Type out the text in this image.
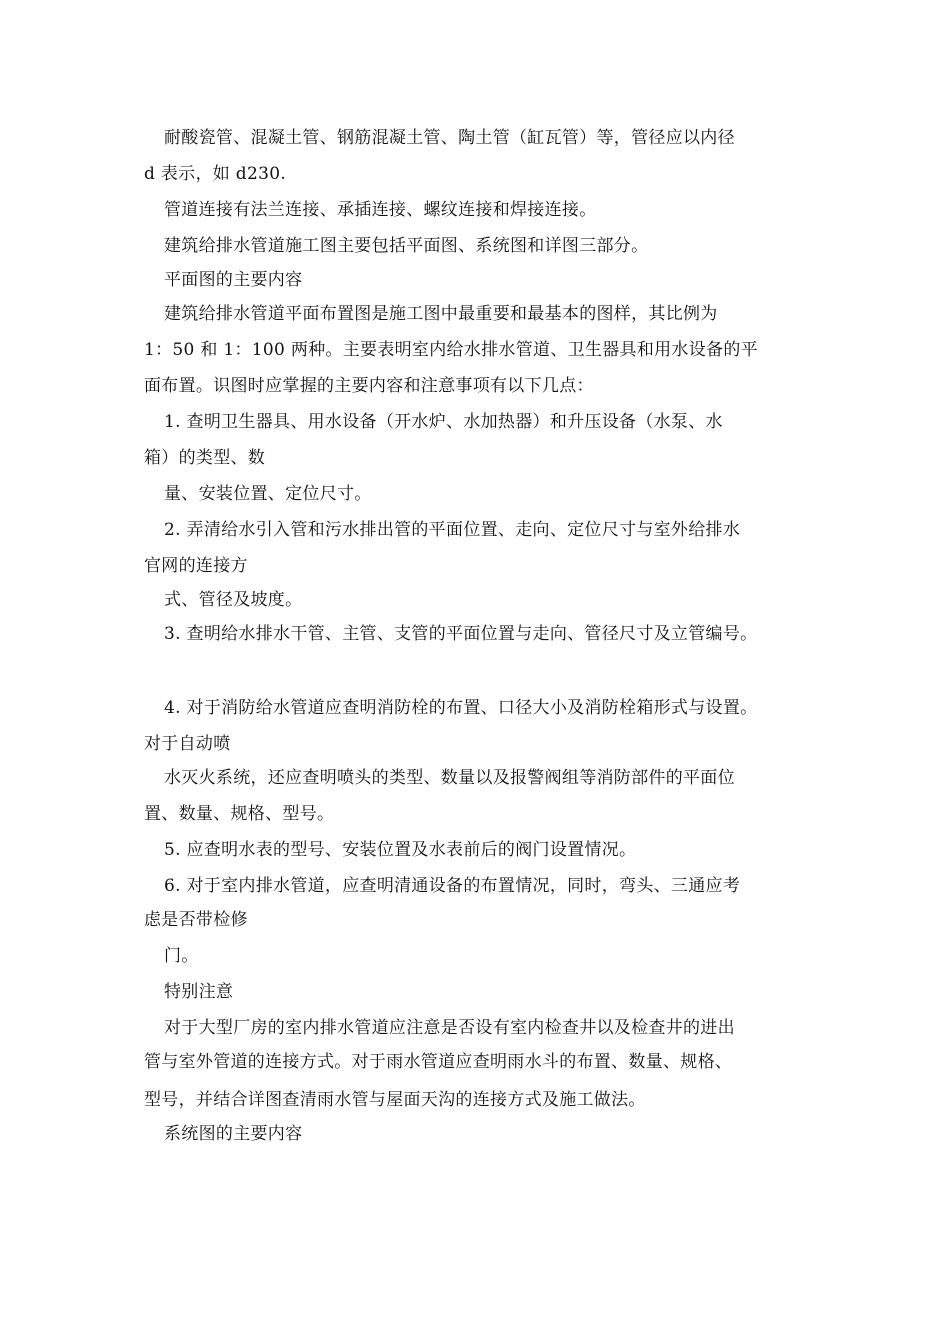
耐酸瓷管、混凝土管、钢筋混凝土管、陶土管（缸瓦管）等，管径应以内径
d 表示，如 d230.
管道连接有法兰连接、承插连接、螺纹连接和焊接连接。
建筑给排水管道施工图主要包括平面图、系统图和详图三部分。
平面图的主要内容
建筑给排水管道平面布置图是施工图中最重要和最基本的图样，其比例为
1：50 和 1：100 两种。主要表明室内给水排水管道、卫生器具和用水设备的平
面布置。识图时应掌握的主要内容和注意事项有以下几点：
1. 查明卫生器具、用水设备（开水炉、水加热器）和升压设备（水泵、水
箱）的类型、数
量、安装位置、定位尺寸。
2. 弄清给水引入管和污水排出管的平面位置、走向、定位尺寸与室外给排水
官网的连接方
式、管径及坡度。
3. 查明给水排水干管、主管、支管的平面位置与走向、管径尺寸及立管编号。
4. 对于消防给水管道应查明消防栓的布置、口径大小及消防栓箱形式与设置。
对于自动喷
水灭火系统，还应查明喷头的类型、数量以及报警阀组等消防部件的平面位
置、数量、规格、型号。
5. 应查明水表的型号、安装位置及水表前后的阀门设置情况。
6. 对于室内排水管道，应查明清通设备的布置情况，同时，弯头、三通应考
虑是否带检修
门。
特别注意
对于大型厂房的室内排水管道应注意是否设有室内检查井以及检查井的进出
管与室外管道的连接方式。对于雨水管道应查明雨水斗的布置、数量、规格、
型号，并结合详图查清雨水管与屋面天沟的连接方式及施工做法。
系统图的主要内容
